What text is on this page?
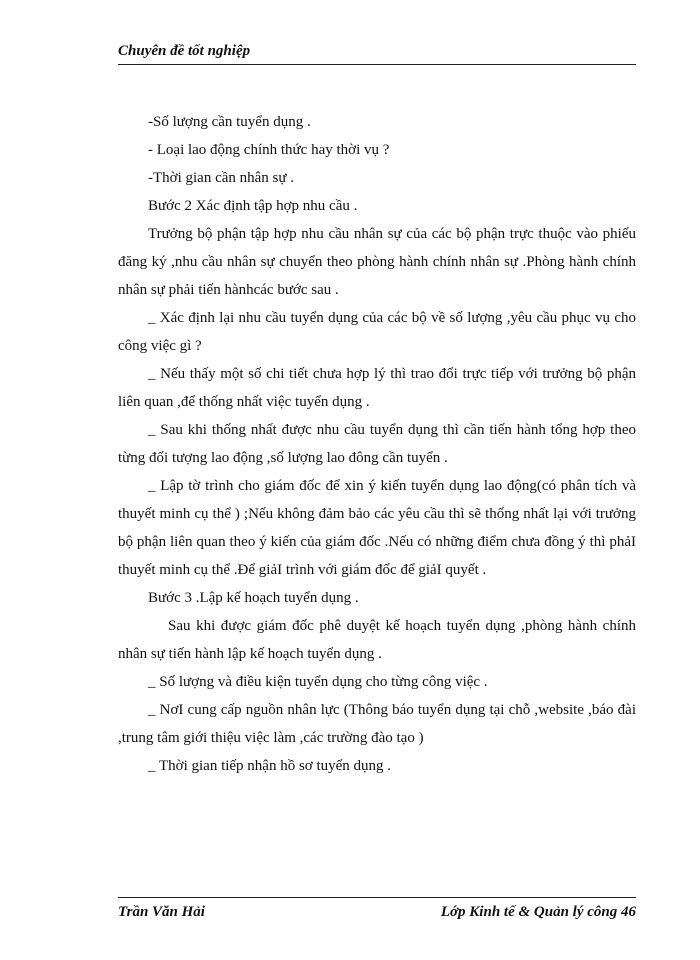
Chuyên đề tốt nghiệp

-Số lượng cần tuyển dụng .

- Loại lao động chính thức hay thời vụ ?

-Thời gian cần nhân sự .

Bước 2 Xác định tập hợp nhu cầu .

Trưởng bộ phận tập hợp nhu cầu nhân sự của các bộ phận trực thuộc vào phiếu đăng ký ,nhu cầu nhân sự chuyển theo phòng hành chính nhân sự .Phòng hành chính nhân sự phải tiến hànhcác bước sau .

_ Xác định lại nhu cầu tuyển dụng của các bộ về số lượng ,yêu cầu phục vụ cho công việc gì ?

_ Nếu thấy một số chi tiết chưa hợp lý thì trao đổi trực tiếp với trưởng bộ phận liên quan ,để thống nhất việc tuyển dụng .

_ Sau khi thống nhất được nhu cầu tuyển dụng thì cần tiến hành tổng hợp theo từng đối tượng lao động ,số lượng lao đông cần tuyển .

_ Lập tờ trình cho giám đốc để xin ý kiến tuyển dụng lao động(có phân tích và thuyết minh cụ thể ) ;Nếu không đảm bảo các yêu cầu thì sẽ thống nhất lại với trưởng bộ phận liên quan theo ý kiến của giám đốc .Nếu có những điểm chưa đồng ý thì phảI thuyết minh cụ thể .Để giảI trình với giám đốc để giảI quyết .

Bước 3 .Lập kế hoạch tuyển dụng .

Sau khi được giám đốc phê duyệt kế hoạch tuyển dụng ,phòng hành chính nhân sự tiến hành lập kế hoạch tuyển dụng .

_ Số lượng và điều kiện tuyển dụng cho từng công việc .

_ NơI cung cấp nguồn nhân lực (Thông báo tuyển dụng tại chỗ ,website ,báo đài ,trung tâm giới thiệu việc làm ,các trường đào tạo )

_ Thời gian tiếp nhận hồ sơ tuyển dụng .

Trần Văn Hải	Lớp Kinh tế & Quản lý công 46
